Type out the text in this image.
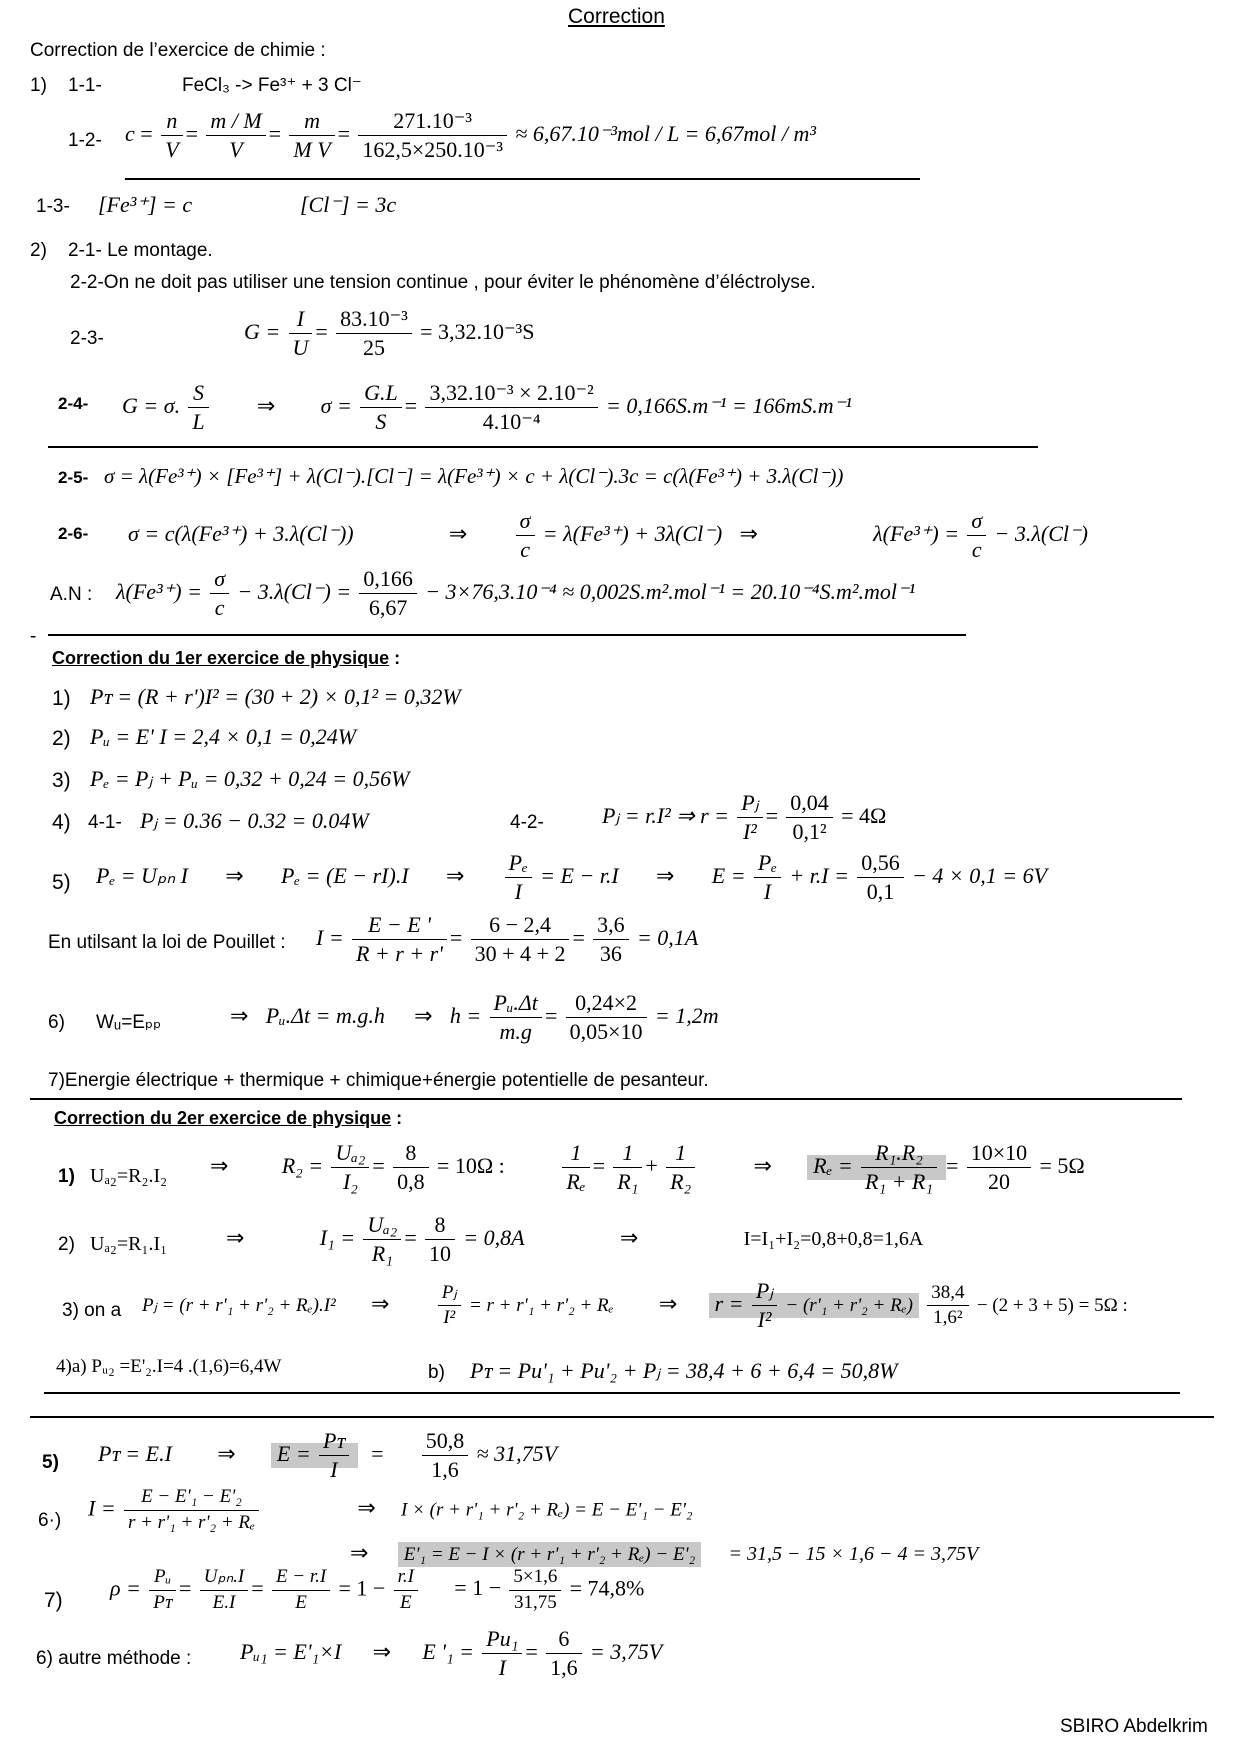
Correction
Correction de l’exercice de chimie :
1) 1-1-	FeCl₃ -> Fe³⁺ + 3 Cl⁻
1-2- $c = \frac{n}{V} = \frac{m / M}{V} = \frac{m}{\text{M V}} = \frac{\text{271.10⁻³}}{\text{162,5×250.10⁻³}} \approx 6,67.10^{-3}mol / L = 6,67mol / m^3$
1-3- [Fe³⁺] = c	[Cl⁻] = 3c
2) 2-1- Le montage.
2-2-On ne doit pas utiliser une tension continue , pour éviter le phénomène d’éléctrolyse.
2-3-	$G = \frac{I}{U} = \frac{\text{83.10⁻³}}{25} = 3,32.10^{-3}S$
2-4- G = σ. $\frac{S}{L}$ ⇒ $\sigma = \frac{G.L}{S} = \frac{\text{3,32.10⁻³ × 2.10⁻²}}{\text{4.10⁻⁴}} = 0,166S.m^{-1} = 166mS.m^{-1}$
2-5- σ = λ(Fe³⁺) × [Fe³⁺] + λ(Cl⁻).[Cl⁻] = λ(Fe³⁺) × c + λ(Cl⁻).3c = c(λ(Fe³⁺) + 3.λ(Cl⁻))
2-6- σ = c(λ(Fe³⁺) + 3.λ(Cl⁻))	⇒ $\frac{\sigma}{c} = \lambda(Fe^{3+}) + 3\lambda(Cl^-)$ ⇒	$\lambda(Fe^{3+}) = \frac{\sigma}{c} - 3.\lambda(Cl^-)$
A.N : $\lambda(Fe^{3+}) = \frac{\sigma}{c} - 3.\lambda(Cl^-) = \frac{0,166}{6,67} - 3\times 76,3.10^{-4} \approx 0,002S.m^2.mol^{-1} = 20.10^{-4}S.m^2.mol^{-1}$
-
Correction du 1er exercice de physique :
1) Pᴛ = (R + r')I² = (30 + 2) × 0,1² = 0,32W
2) Pᵤ = E' I = 2,4 × 0,1 = 0,24W
3) Pₑ = Pⱼ + Pᵤ = 0,32 + 0,24 = 0,56W
4) 4-1- Pⱼ = 0.36 − 0.32 = 0.04W	4-2-	Pⱼ = r.I² ⇒ $r = \frac{\text{Pⱼ}}{\text{I²}} = \frac{0,04}{\text{0,1²}} = 4\Omega$
5) Pₑ = Uₚₙ I ⇒ Pₑ = (E − rI).I ⇒ $\frac{\text{Pₑ}}{I} = E - r.I$ ⇒ $E = \frac{\text{Pₑ}}{I} + r.I = \frac{0,56}{0,1} - 4 \times 0,1 = 6V$
En utilsant la loi de Pouillet : $I = \frac{E - E '}{R + r + r'} = \frac{6 - 2,4}{30 + 4 + 2} = \frac{3,6}{36} = 0,1A$
6) Wᵤ=Eₚₚ	⇒ Pᵤ.Δt = m.g.h ⇒ $h = \frac{\text{Pᵤ.Δt}}{m.g} = \frac{0,24\times 2}{0,05\times 10} = 1,2m$
7)Energie électrique + thermique + chimique+énergie potentielle de pesanteur.
Correction du 2er exercice de physique :
1) Uₐ₂=R₂.I₂ ⇒ $R_2 = \frac{\text{Uₐ₂}}{\text{I₂}} = \frac{8}{0,8} = 10\Omega$ :	$\frac{1}{\text{Rₑ}} = \frac{1}{\text{R₁}} + \frac{1}{\text{R₂}}$	⇒ $R_e = \frac{\text{R₁.R₂}}{\text{R₁ + R₁}} = \frac{10\times 10}{20} = 5\Omega$
2) Uₐ₂=R₁.I₁	⇒	$I_1 = \frac{\text{Uₐ₂}}{\text{R₁}} = \frac{8}{10} = 0,8A$	⇒	I=I₁+I₂=0,8+0,8=1,6A
3) on a Pⱼ = (r + r'₁ + r'₂ + Rₑ).I² ⇒	$\frac{\text{Pⱼ}}{\text{I²}} = r + r'_1 + r'_2 + R_e$ ⇒ $r = \frac{\text{Pⱼ}}{\text{I²}} - (r'_1 + r'_2 + R_e) \frac{38,4}{\text{1,6²}} - (2 + 3 + 5) = 5\Omega$ :
4)a) Pᵤ₂ =E'₂.I=4 .(1,6)=6,4W	b) Pᴛ = Pu'₁ + Pu'₂ + Pⱼ = 38,4 + 6 + 6,4 = 50,8W
5) Pᴛ = E.I ⇒ $E = \frac{\text{Pᴛ}}{I} = \frac{50,8}{1,6} \approx 31,75V$
6·)
$I = \frac{\text{E − E'₁ − E'₂}}{\text{r + r'₁ + r'₂ + Rₑ}}$	⇒ I × (r + r'₁ + r'₂ + Rₑ) = E − E'₁ − E'₂
⇒ E'₁ = E − I × (r + r'₁ + r'₂ + Rₑ) − E'₂ = 31,5 − 15 × 1,6 − 4 = 3,75V
7)
$\rho = \frac{\text{Pᵤ}}{\text{Pᴛ}} = \frac{\text{Uₚₙ.I}}{E.I} = \frac{E - r.I}{E} = 1 - \frac{r.I}{E} = 1 - \frac{5\times 1,6}{31,75} = 74,8\%$
6) autre méthode : Pᵤ₁ = E'₁×I ⇒ E '$_1 = \frac{\text{Pu₁}}{I} = \frac{6}{1,6} = 3,75V$
SBIRO Abdelkrim
